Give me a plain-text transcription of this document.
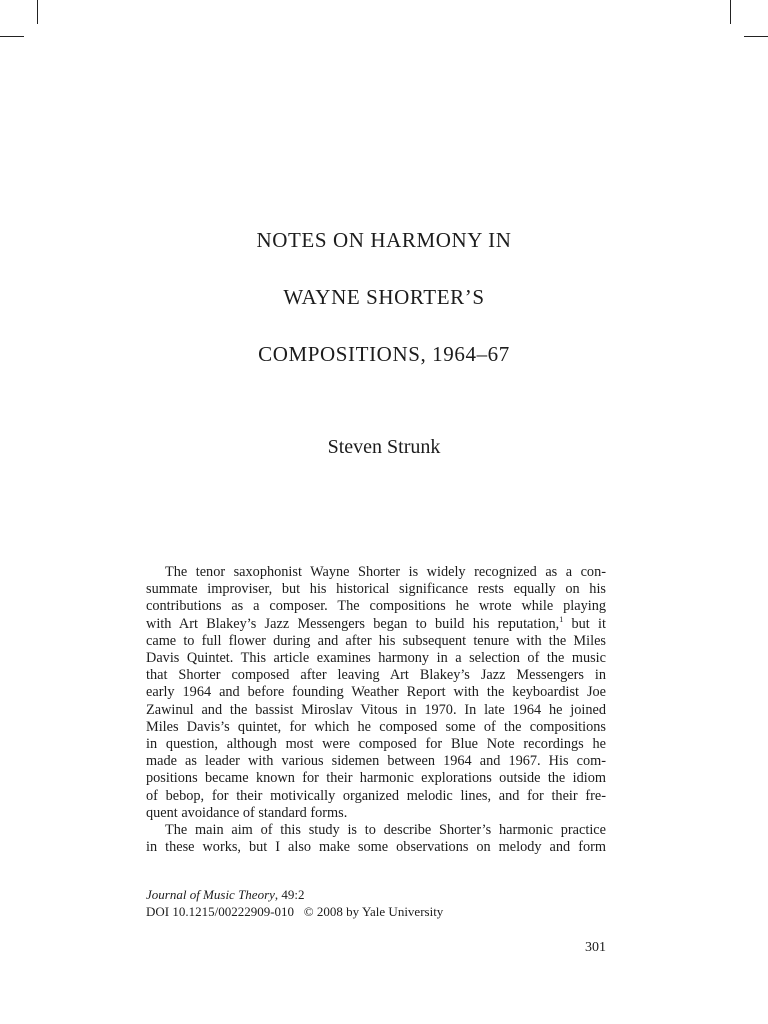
NOTES ON HARMONY IN
WAYNE SHORTER’S
COMPOSITIONS, 1964–67
Steven Strunk
The tenor saxophonist Wayne Shorter is widely recognized as a con-
summate improviser, but his historical significance rests equally on his
contributions as a composer. The compositions he wrote while playing
with Art Blakey’s Jazz Messengers began to build his reputation,$^1$ but it
came to full flower during and after his subsequent tenure with the Miles
Davis Quintet. This article examines harmony in a selection of the music
that Shorter composed after leaving Art Blakey’s Jazz Messengers in
early 1964 and before founding Weather Report with the keyboardist Joe
Zawinul and the bassist Miroslav Vitous in 1970. In late 1964 he joined
Miles Davis’s quintet, for which he composed some of the compositions
in question, although most were composed for Blue Note recordings he
made as leader with various sidemen between 1964 and 1967. His com-
positions became known for their harmonic explorations outside the idiom
of bebop, for their motivically organized melodic lines, and for their fre-
quent avoidance of standard forms.
The main aim of this study is to describe Shorter’s harmonic practice
in these works, but I also make some observations on melody and form
Journal of Music Theory, 49:2
DOI 10.1215/00222909-010 © 2008 by Yale University
301
